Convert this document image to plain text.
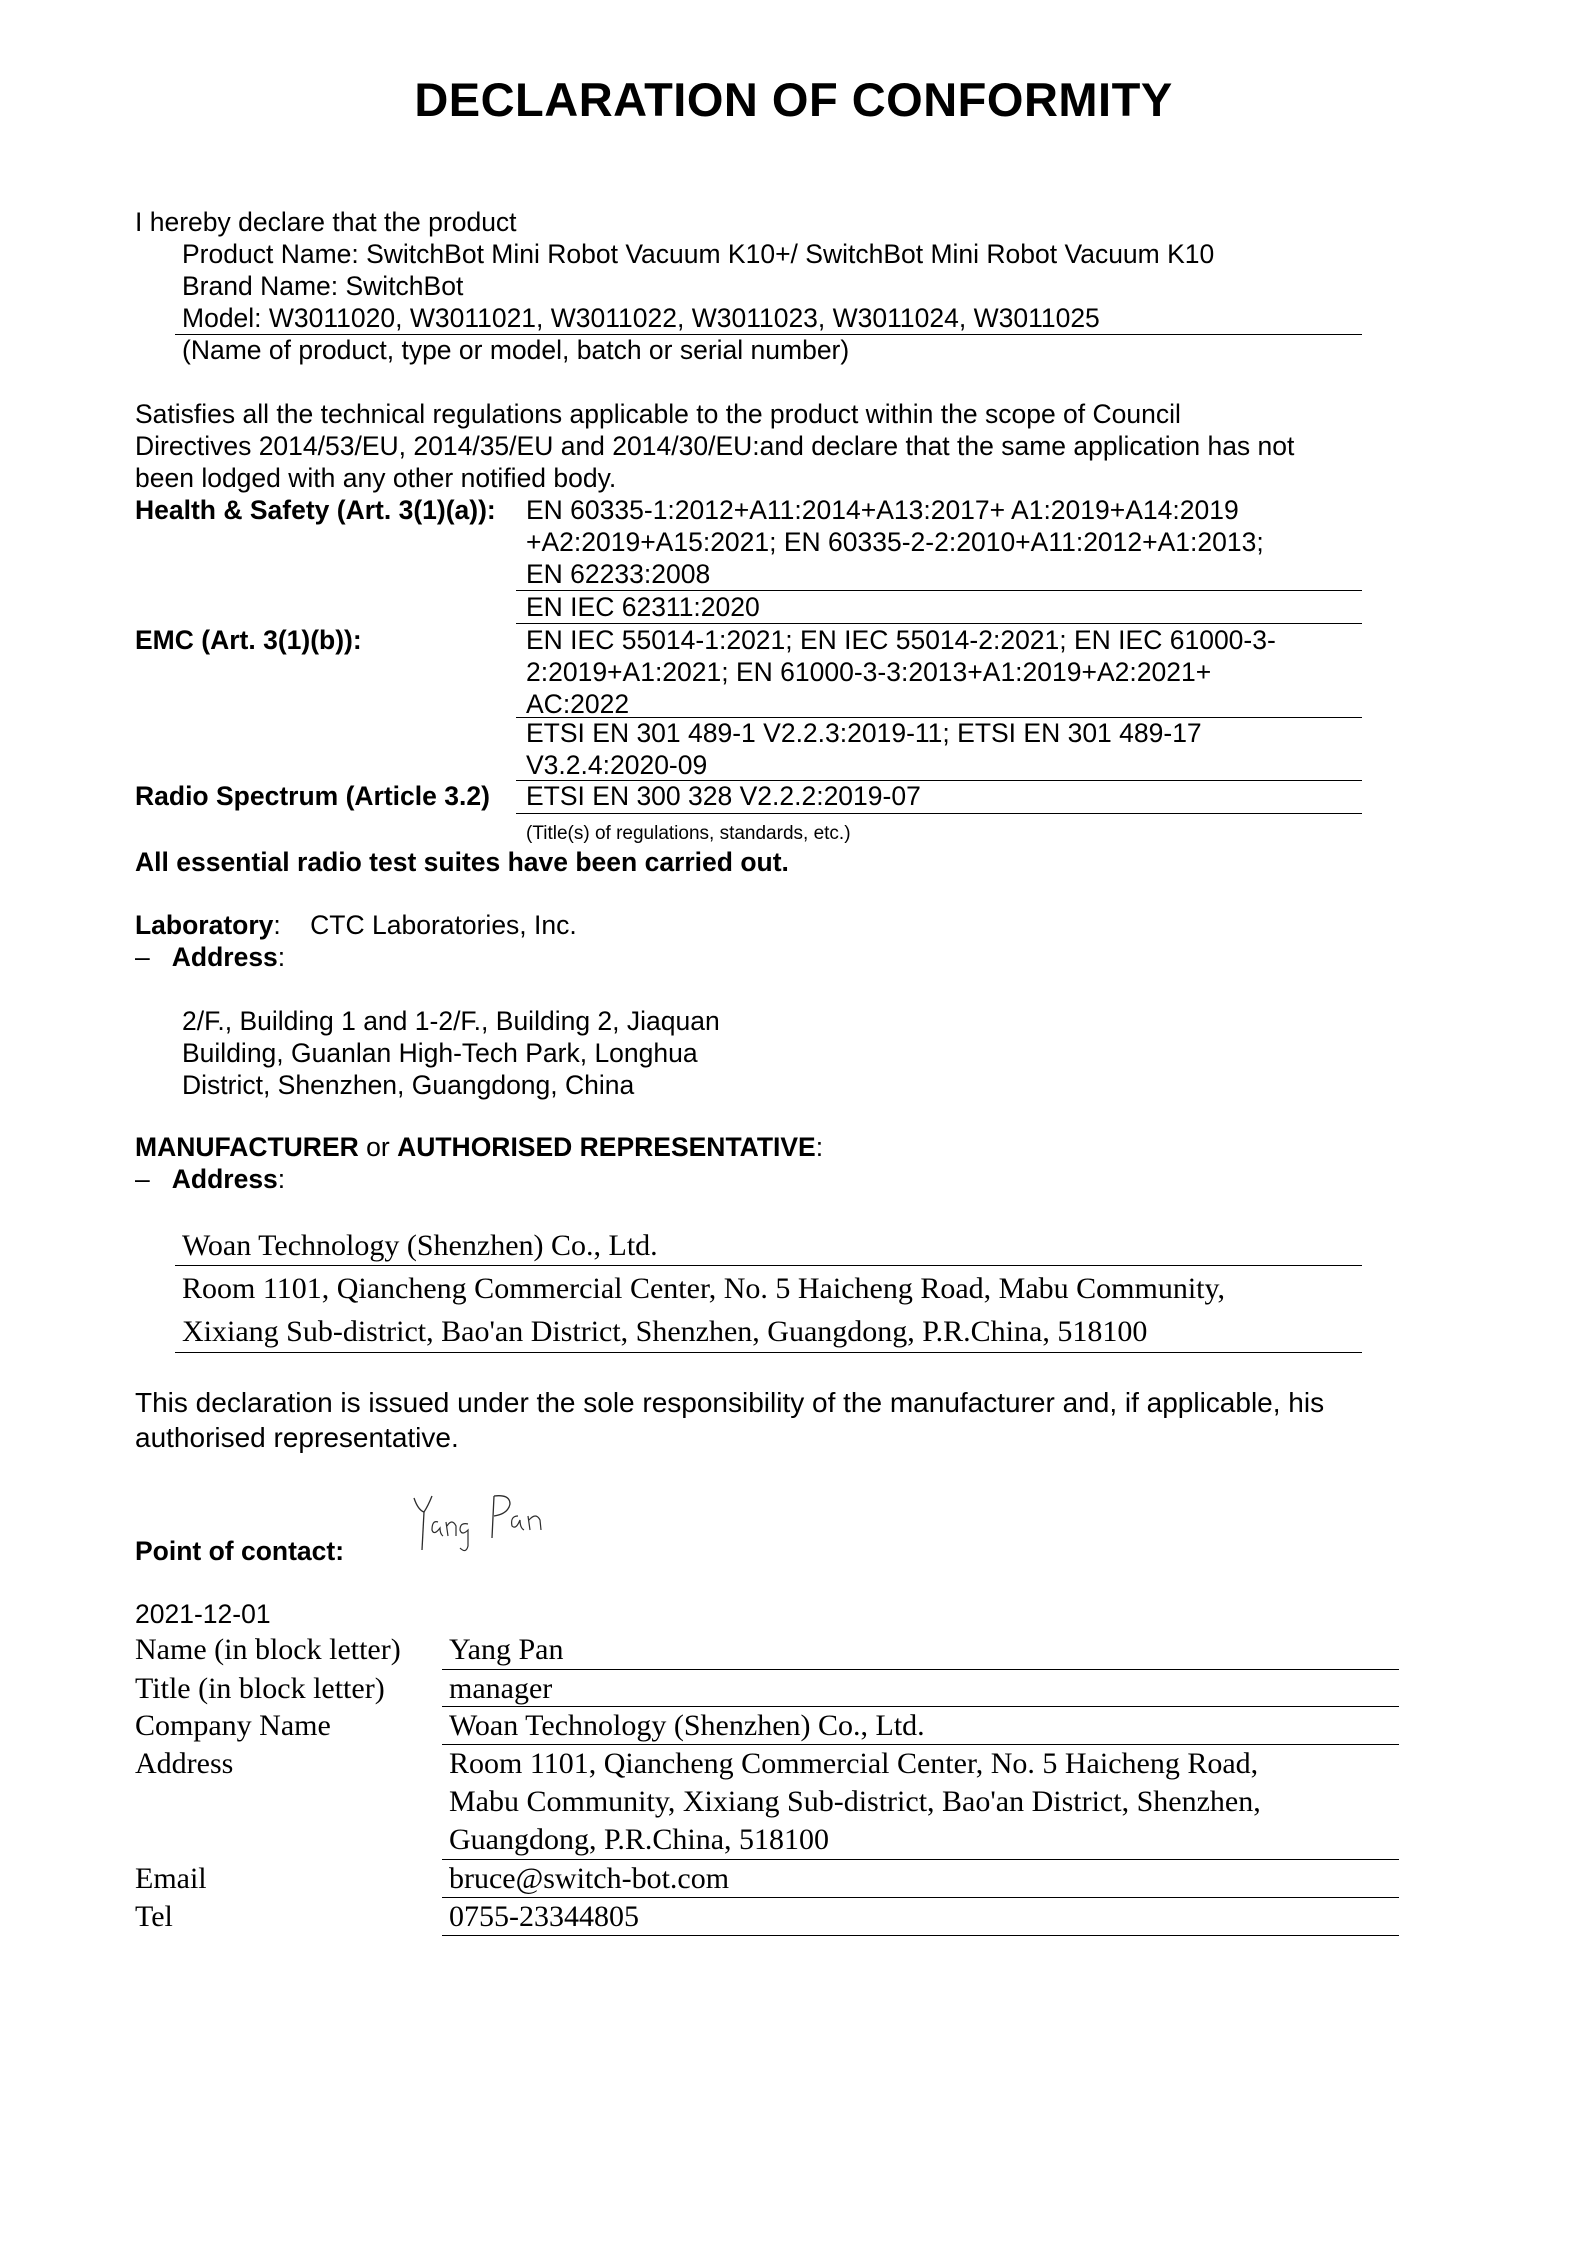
DECLARATION OF CONFORMITY
I hereby declare that the product
Product Name: SwitchBot Mini Robot Vacuum K10+/ SwitchBot Mini Robot Vacuum K10
Brand Name: SwitchBot
Model: W3011020, W3011021, W3011022, W3011023, W3011024, W3011025
(Name of product, type or model, batch or serial number)
Satisfies all the technical regulations applicable to the product within the scope of Council
Directives 2014/53/EU, 2014/35/EU and 2014/30/EU:and declare that the same application has not
been lodged with any other notified body.
Health & Safety (Art. 3(1)(a)): EN 60335-1:2012+A11:2014+A13:2017+ A1:2019+A14:2019
+A2:2019+A15:2021; EN 60335-2-2:2010+A11:2012+A1:2013;
EN 62233:2008
EN IEC 62311:2020
EMC (Art. 3(1)(b)):	EN IEC 55014-1:2021; EN IEC 55014-2:2021; EN IEC 61000-3-
2:2019+A1:2021; EN 61000-3-3:2013+A1:2019+A2:2021+
AC:2022
ETSI EN 301 489-1 V2.2.3:2019-11; ETSI EN 301 489-17
V3.2.4:2020-09
Radio Spectrum (Article 3.2) ETSI EN 300 328 V2.2.2:2019-07
(Title(s) of regulations, standards, etc.)
All essential radio test suites have been carried out.
Laboratory: CTC Laboratories, Inc.
– Address:
2/F., Building 1 and 1-2/F., Building 2, Jiaquan
Building, Guanlan High-Tech Park, Longhua
District, Shenzhen, Guangdong, China
MANUFACTURER or AUTHORISED REPRESENTATIVE:
– Address:
Woan Technology (Shenzhen) Co., Ltd.
Room 1101, Qiancheng Commercial Center, No. 5 Haicheng Road, Mabu Community,
Xixiang Sub-district, Bao'an District, Shenzhen, Guangdong, P.R.China, 518100
This declaration is issued under the sole responsibility of the manufacturer and, if applicable, his
authorised representative.
Point of contact:
2021-12-01
Name (in block letter) Yang Pan
Title (in block letter) manager
Company Name	Woan Technology (Shenzhen) Co., Ltd.
Address	Room 1101, Qiancheng Commercial Center, No. 5 Haicheng Road,
Mabu Community, Xixiang Sub-district, Bao'an District, Shenzhen,
Guangdong, P.R.China, 518100
Email	bruce@switch-bot.com
Tel	0755-23344805
